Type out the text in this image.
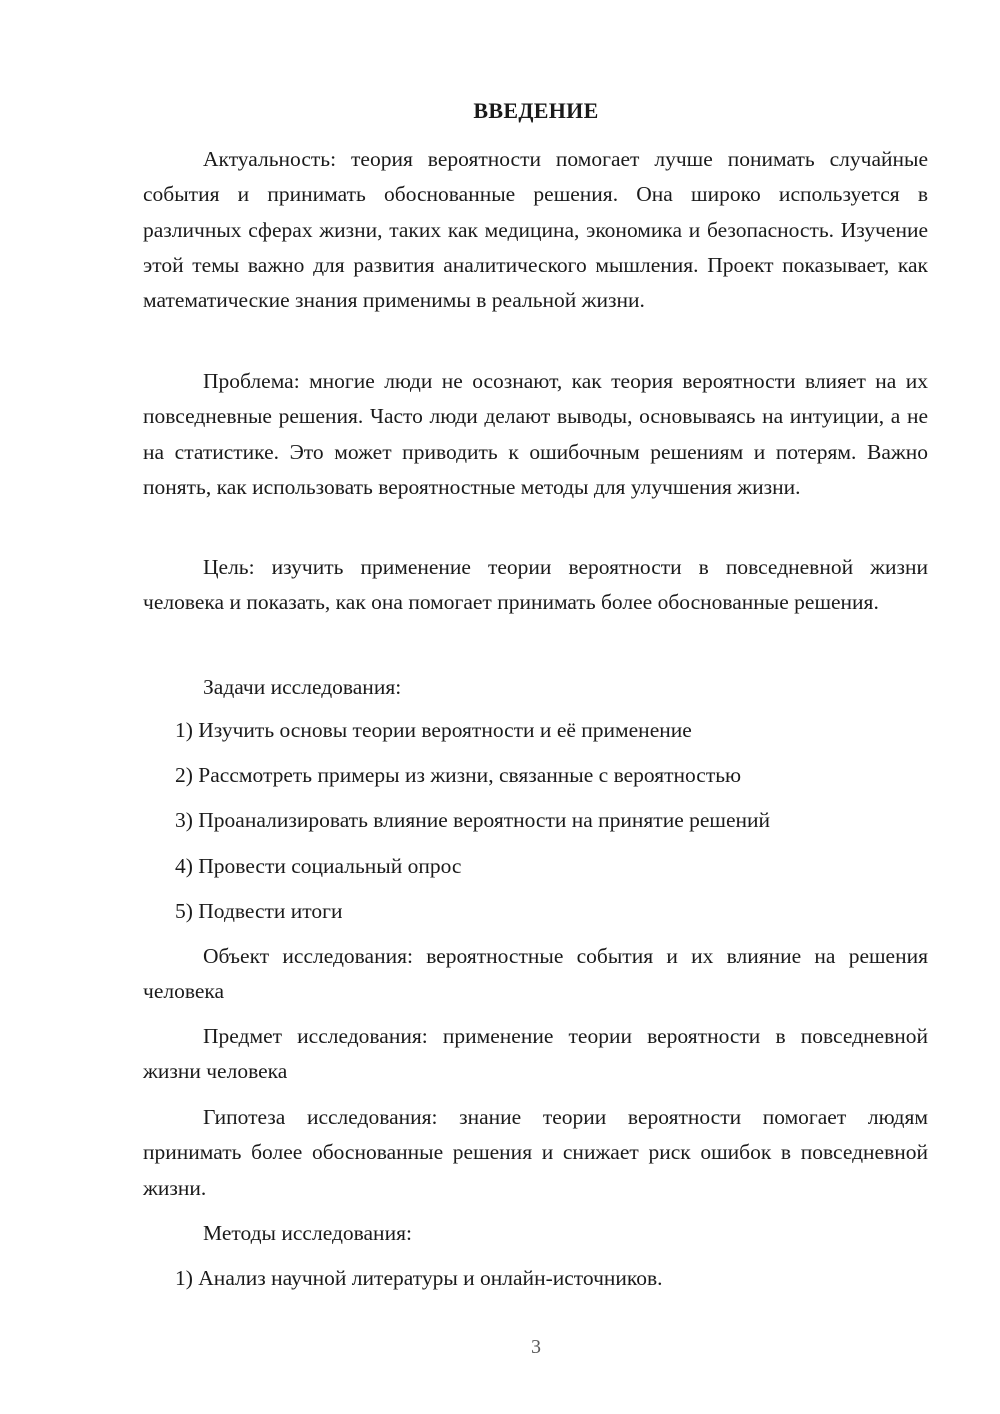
ВВЕДЕНИЕ

Актуальность: теория вероятности помогает лучше понимать случайные события и принимать обоснованные решения. Она широко используется в различных сферах жизни, таких как медицина, экономика и безопасность. Изучение этой темы важно для развития аналитического мышления. Проект показывает, как математические знания применимы в реальной жизни.

Проблема: многие люди не осознают, как теория вероятности влияет на их повседневные решения. Часто люди делают выводы, основываясь на интуиции, а не на статистике. Это может приводить к ошибочным решениям и потерям. Важно понять, как использовать вероятностные методы для улучшения жизни.

Цель: изучить применение теории вероятности в повседневной жизни человека и показать, как она помогает принимать более обоснованные решения.

Задачи исследования:

1) Изучить основы теории вероятности и её применение

2) Рассмотреть примеры из жизни, связанные с вероятностью

3) Проанализировать влияние вероятности на принятие решений

4) Провести социальный опрос

5) Подвести итоги

Объект исследования: вероятностные события и их влияние на решения человека

Предмет исследования: применение теории вероятности в повседневной жизни человека

Гипотеза исследования: знание теории вероятности помогает людям принимать более обоснованные решения и снижает риск ошибок в повседневной жизни.

Методы исследования:

1) Анализ научной литературы и онлайн-источников.

3
